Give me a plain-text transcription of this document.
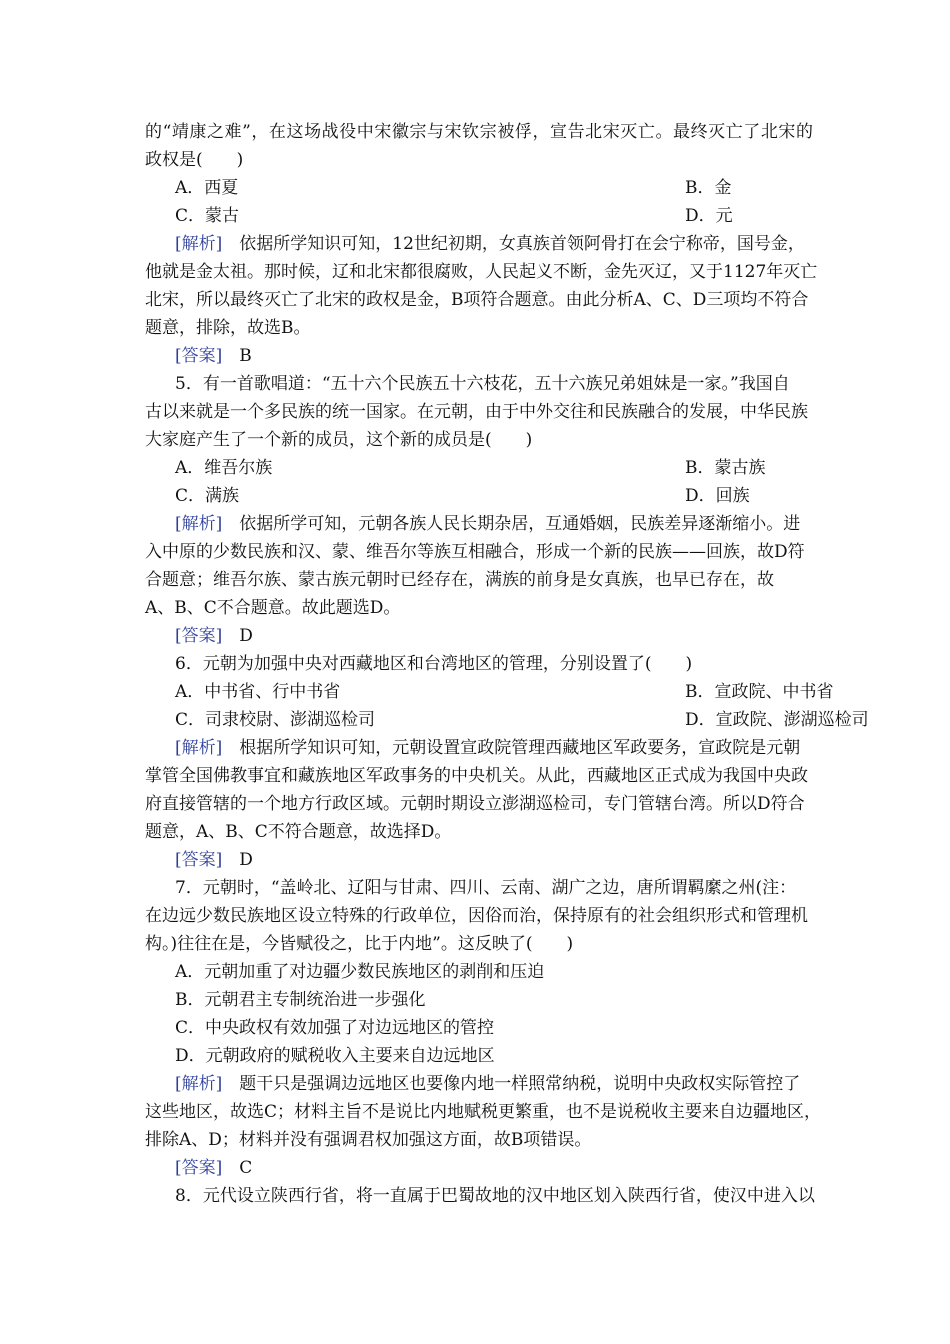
的“靖康之难”，在这场战役中宋徽宗与宋钦宗被俘，宣告北宋灭亡。最终灭亡了北宋的
政权是(　　)
A．西夏	B．金
C．蒙古	D．元
[解析]　 依据所学知识可知，12世纪初期，女真族首领阿骨打在会宁称帝，国号金，
他就是金太祖。那时候，辽和北宋都很腐败，人民起义不断，金先灭辽，又于1127年灭亡
北宋，所以最终灭亡了北宋的政权是金，B项符合题意。由此分析A、C、D三项均不符合
题意，排除，故选B。
[答案]　 B
5．有一首歌唱道：“五十六个民族五十六枝花，五十六族兄弟姐妹是一家。”我国自
古以来就是一个多民族的统一国家。在元朝，由于中外交往和民族融合的发展，中华民族
大家庭产生了一个新的成员，这个新的成员是(　　)
A．维吾尔族	B．蒙古族
C．满族	D．回族
[解析]　 依据所学可知，元朝各族人民长期杂居，互通婚姻，民族差异逐渐缩小。进
入中原的少数民族和汉、蒙、维吾尔等族互相融合，形成一个新的民族——回族，故D符
合题意；维吾尔族、蒙古族元朝时已经存在，满族的前身是女真族，也早已存在，故
A、B、C不合题意。故此题选D。
[答案]　 D
6．元朝为加强中央对西藏地区和台湾地区的管理，分别设置了(　　)
A．中书省、行中书省	B．宣政院、中书省
C．司隶校尉、澎湖巡检司	D．宣政院、澎湖巡检司
[解析]　 根据所学知识可知，元朝设置宣政院管理西藏地区军政要务，宣政院是元朝
掌管全国佛教事宜和藏族地区军政事务的中央机关。从此，西藏地区正式成为我国中央政
府直接管辖的一个地方行政区域。元朝时期设立澎湖巡检司，专门管辖台湾。所以D符合
题意，A、B、C不符合题意，故选择D。
[答案]　 D
7．元朝时，“盖岭北、辽阳与甘肃、四川、云南、湖广之边，唐所谓羁縻之州(注：
在边远少数民族地区设立特殊的行政单位，因俗而治，保持原有的社会组织形式和管理机
构。)往往在是，今皆赋役之，比于内地”。这反映了(　　)
A．元朝加重了对边疆少数民族地区的剥削和压迫
B．元朝君主专制统治进一步强化
C．中央政权有效加强了对边远地区的管控
D．元朝政府的赋税收入主要来自边远地区
[解析]　 题干只是强调边远地区也要像内地一样照常纳税，说明中央政权实际管控了
这些地区，故选C；材料主旨不是说比内地赋税更繁重，也不是说税收主要来自边疆地区，
排除A、D；材料并没有强调君权加强这方面，故B项错误。
[答案]　 C
8．元代设立陕西行省，将一直属于巴蜀故地的汉中地区划入陕西行省，使汉中进入以
